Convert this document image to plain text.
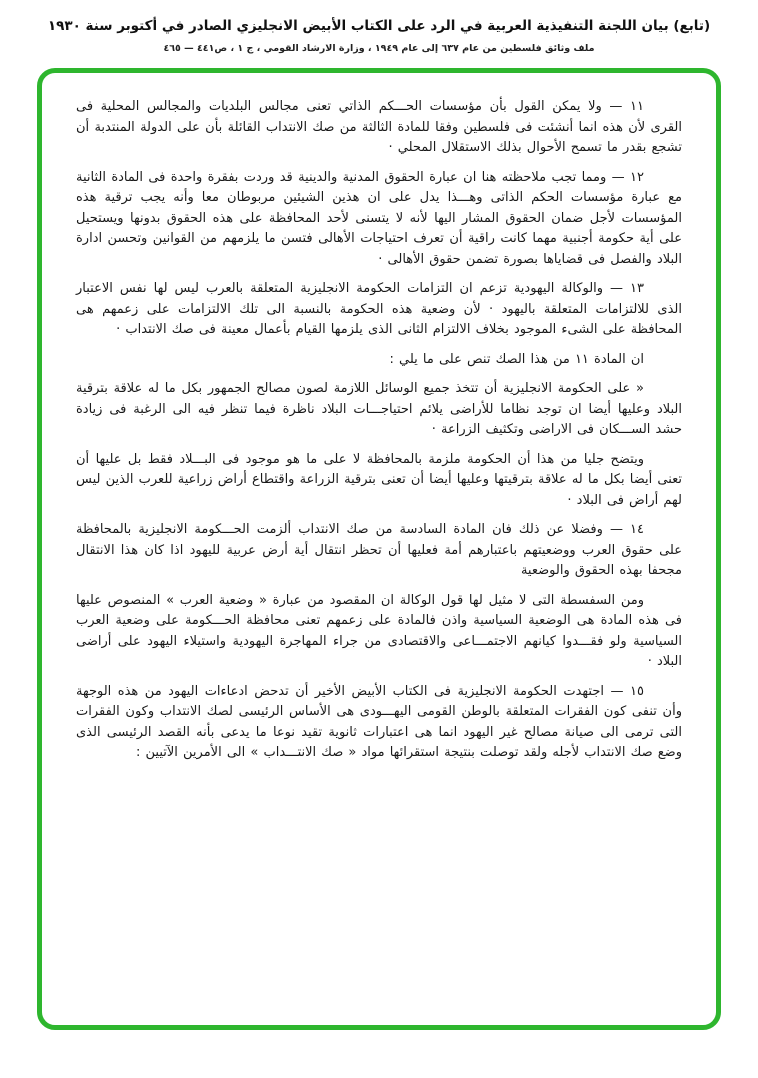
(تابع) بيان اللجنة التنفيذية العربية في الرد على الكتاب الأبيض الانجليزي الصادر في أكتوبر سنة ١٩٣٠
ملف وثائق فلسطين من عام ٦٣٧ إلى عام ١٩٤٩ ، وزارة الارشاد القومي ، ج ١ ، ص٤٤١ — ٤٦٥

١١ — ولا يمكن القول بأن مؤسسات الحـــكم الذاتي تعنى مجالس البلديات والمجالس المحلية فى القرى لأن هذه انما أنشئت فى فلسطين وفقا للمادة الثالثة من صك الانتداب القائلة بأن على الدولة المنتدبة أن تشجع بقدر ما تسمح الأحوال بذلك الاستقلال المحلي ·

١٢ — ومما تجب ملاحظته هنا ان عبارة الحقوق المدنية والدينية قد وردت بفقرة واحدة فى المادة الثانية مع عبارة مؤسسات الحكم الذاتى وهـــذا يدل على ان هذين الشيئين مربوطان معا وأنه يجب ترقية هذه المؤسسات لأجل ضمان الحقوق المشار اليها لأنه لا يتسنى لأحد المحافظة على هذه الحقوق بدونها ويستحيل على أية حكومة أجنبية مهما كانت راقية أن تعرف احتياجات الأهالى فتسن ما يلزمهم من القوانين وتحسن ادارة البلاد والفصل فى قضاياها بصورة تضمن حقوق الأهالى ·

١٣ — والوكالة اليهودية تزعم ان التزامات الحكومة الانجليزية المتعلقة بالعرب ليس لها نفس الاعتبار الذى للالتزامات المتعلقة باليهود · لأن وضعية هذه الحكومة بالنسبة الى تلك الالتزامات على زعمهم هى المحافظة على الشىء الموجود بخلاف الالتزام الثانى الذى يلزمها القيام بأعمال معينة فى صك الانتداب ·

ان المادة ١١ من هذا الصك تنص على ما يلي :

« على الحكومة الانجليزية أن تتخذ جميع الوسائل اللازمة لصون مصالح الجمهور بكل ما له علاقة بترقية البلاد وعليها أيضا ان توجد نظاما للأراضى يلائم احتياجـــات البلاد ناظرة فيما تنظر فيه الى الرغبة فى زيادة حشد الســـكان فى الاراضى وتكثيف الزراعة ·

ويتضح جليا من هذا أن الحكومة ملزمة بالمحافظة لا على ما هو موجود فى البـــلاد فقط بل عليها أن تعنى أيضا بكل ما له علاقة بترقيتها وعليها أيضا أن تعنى بترقية الزراعة واقتطاع أراض زراعية للعرب الذين ليس لهم أراض فى البلاد ·

١٤ — وفضلا عن ذلك فان المادة السادسة من صك الانتداب ألزمت الحـــكومة الانجليزية بالمحافظة على حقوق العرب ووضعيتهم باعتبارهم أمة فعليها أن تحظر انتقال أية أرض عربية لليهود اذا كان هذا الانتقال مجحفا بهذه الحقوق والوضعية

ومن السفسطة التى لا مثيل لها قول الوكالة ان المقصود من عبارة « وضعية العرب » المنصوص عليها فى هذه المادة هى الوضعية السياسية واذن فالمادة على زعمهم تعنى محافظة الحـــكومة على وضعية العرب السياسية ولو فقـــدوا كيانهم الاجتمـــاعى والاقتصادى من جراء المهاجرة اليهودية واستيلاء اليهود على أراضى البلاد ·

١٥ — اجتهدت الحكومة الانجليزية فى الكتاب الأبيض الأخير أن تدحض ادعاءات اليهود من هذه الوجهة وأن تنفى كون الفقرات المتعلقة بالوطن القومى اليهـــودى هى الأساس الرئيسى لصك الانتداب وكون الفقرات التى ترمى الى صيانة مصالح غير اليهود انما هى اعتبارات ثانوية تقيد نوعا ما يدعى بأنه القصد الرئيسى الذى وضع صك الانتداب لأجله ولقد توصلت بنتيجة استقرائها مواد « صك الانتـــداب » الى الأمرين الآتيين :
